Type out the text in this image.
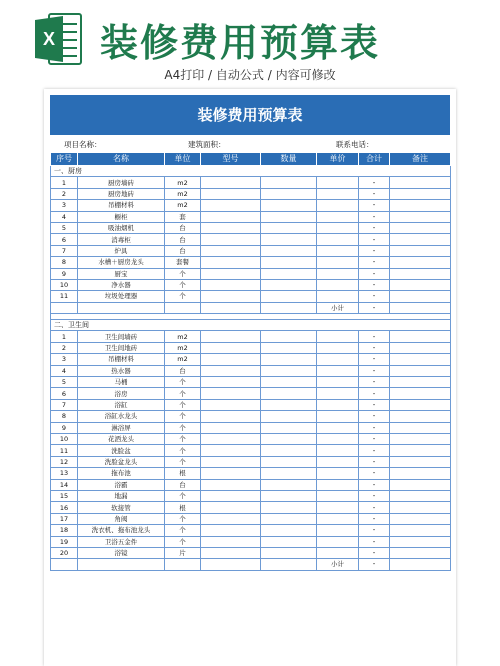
X 装修费用预算表
A4打印 / 自动公式 / 内容可修改
装修费用预算表
项目名称：	建筑面积：	联系电话：
序号	名称	单位	型号	数量	单价	合计	备注
一、厨房							
1	厨房墙砖	m2				-	
2	厨房地砖	m2				-	
3	吊棚材料	m2				-	
4	橱柜	套				-	
5	吸油烟机	台				-	
6	消毒柜	台				-	
7	炉具	台				-	
8	水槽＋厨房龙头	套餐				-	
9	厨宝	个				-	
10	净水器	个				-	
11	垃圾处理器	个				-	
					小计	-	

二、卫生间							
1	卫生间墙砖	m2				-	
2	卫生间地砖	m2				-	
3	吊棚材料	m2				-	
4	热水器	台				-	
5	马桶	个				-	
6	浴房	个				-	
7	浴缸	个				-	
8	浴缸水龙头	个				-	
9	淋浴屏	个				-	
10	花洒龙头	个				-	
11	洗脸盆	个				-	
12	洗脸盆龙头	个				-	
13	拖布池	根				-	
14	浴霸	台				-	
15	地漏	个				-	
16	软接管	根				-	
17	角阀	个				-	
18	洗衣机、拖布池龙头	个				-	
19	卫浴五金件	个				-	
20	浴镜	片				-	
					小计	-	
